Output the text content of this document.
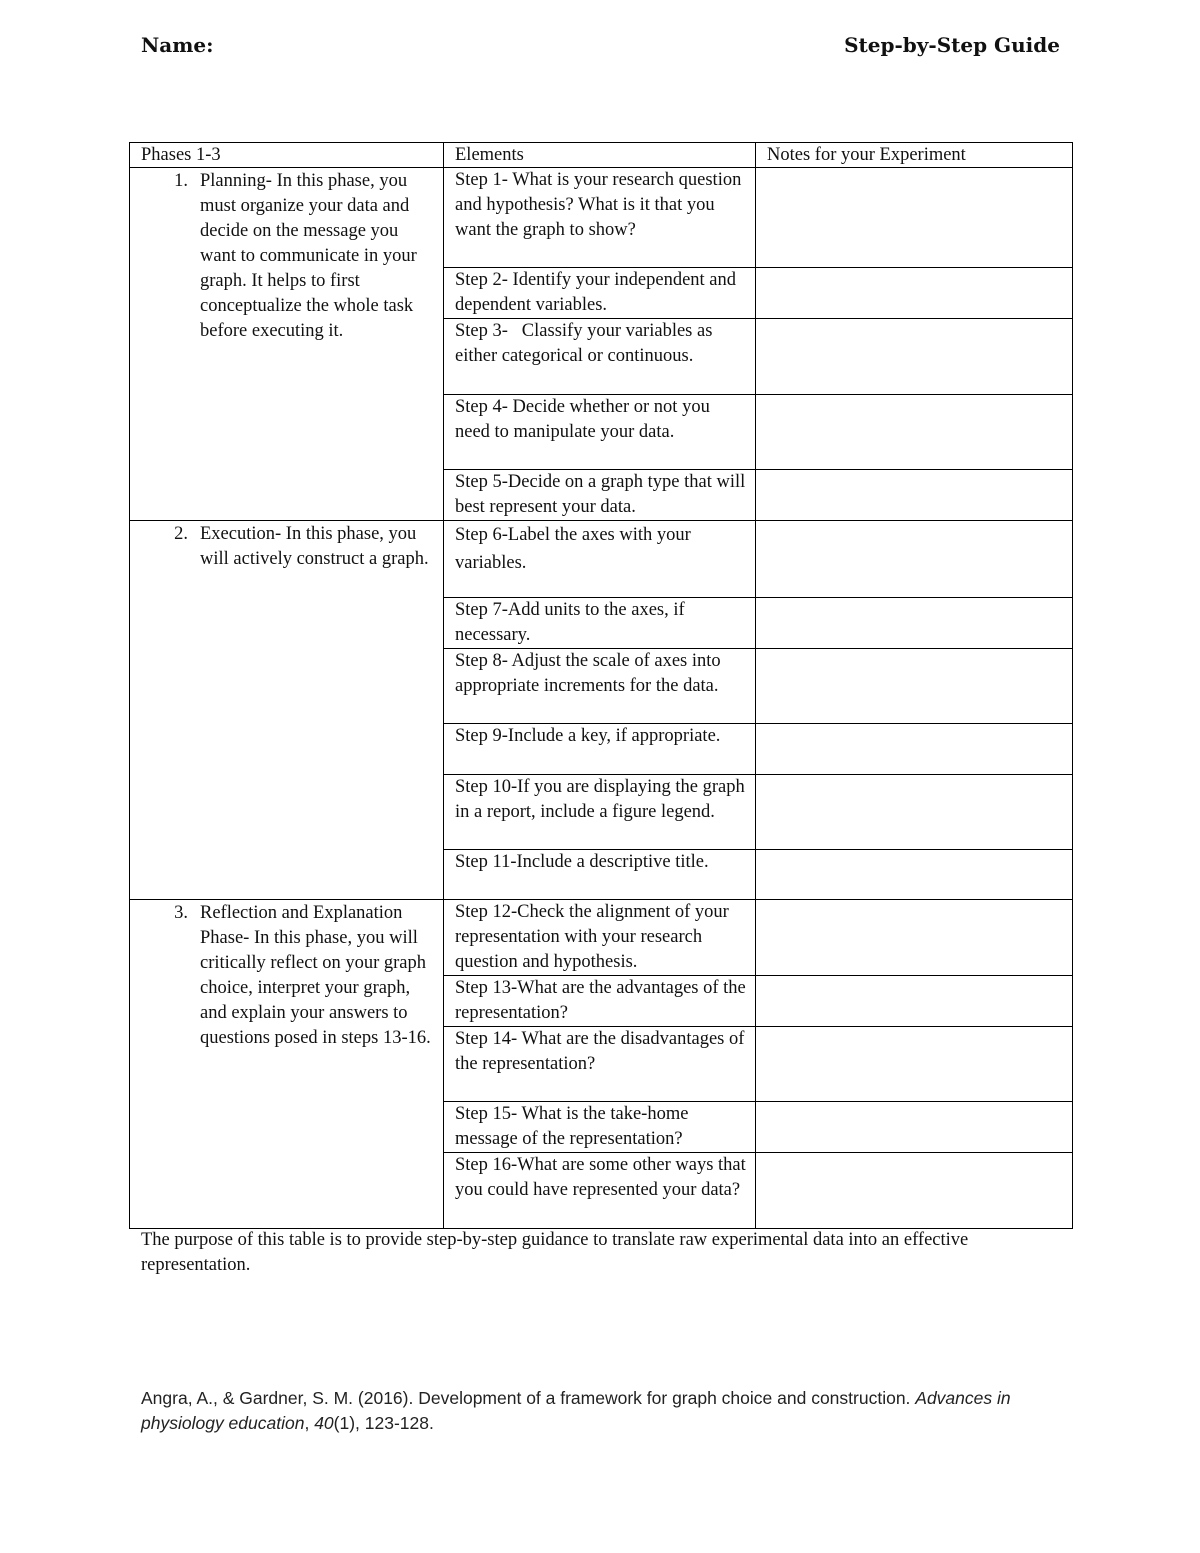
Name:	Step-by-Step Guide
Phases 1-3	Elements	Notes for your Experiment

1. Planning- In this phase, you must organize your data and decide on the message you want to communicate in your graph. It helps to first conceptualize the whole task before executing it.	Step 1- What is your research question and hypothesis? What is it that you want the graph to show?	

	Step 2- Identify your independent and dependent variables.	

	Step 3-   Classify your variables as either categorical or continuous.	

	Step 4- Decide whether or not you need to manipulate your data.	

	Step 5-Decide on a graph type that will best represent your data.	

2. Execution- In this phase, you will actively construct a graph.	Step 6-Label the axes with your variables.	

	Step 7-Add units to the axes, if necessary.	

	Step 8- Adjust the scale of axes into appropriate increments for the data.	

	Step 9-Include a key, if appropriate.	

	Step 10-If you are displaying the graph in a report, include a figure legend.	

	Step 11-Include a descriptive title.	

3. Reflection and Explanation Phase- In this phase, you will critically reflect on your graph choice, interpret your graph, and explain your answers to questions posed in steps 13-16.	Step 12-Check the alignment of your representation with your research question and hypothesis.	

	Step 13-What are the advantages of the representation?	

	Step 14- What are the disadvantages of the representation?	

	Step 15- What is the take-home message of the representation?	

	Step 16-What are some other ways that you could have represented your data?	

The purpose of this table is to provide step-by-step guidance to translate raw experimental data into an effective representation.
Angra, A., & Gardner, S. M. (2016). Development of a framework for graph choice and construction. Advances in physiology education, 40(1), 123-128.
